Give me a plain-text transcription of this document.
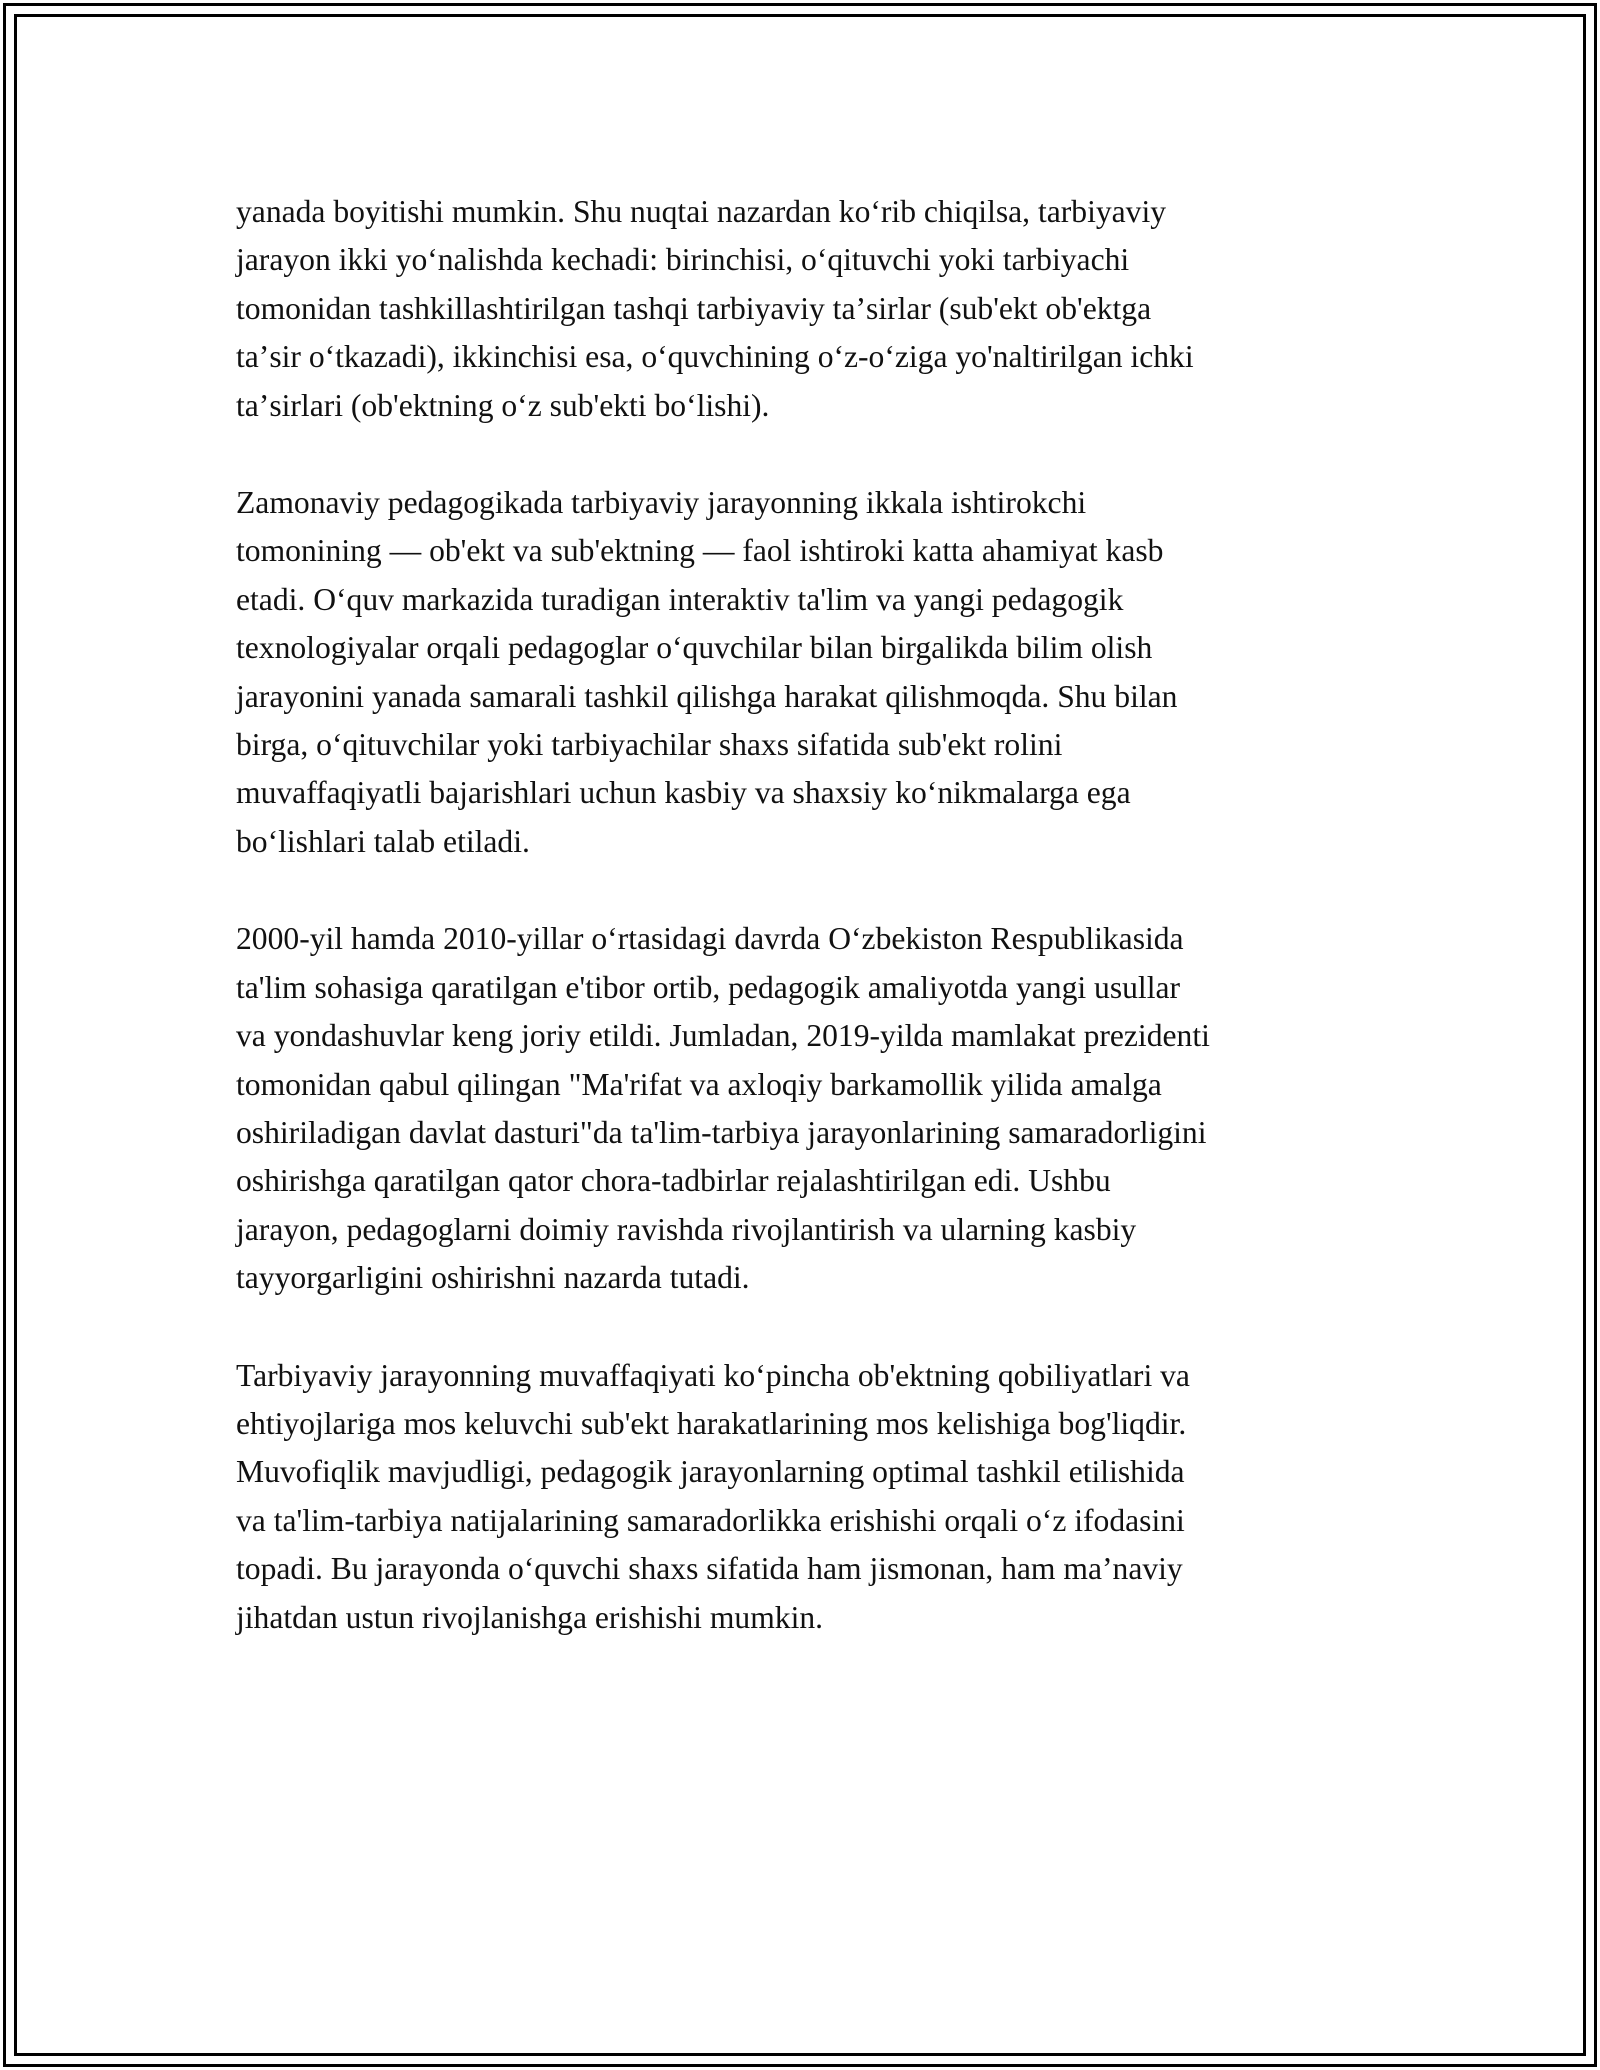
yanada boyitishi mumkin. Shu nuqtai nazardan koʻrib chiqilsa, tarbiyaviy
jarayon ikki yoʻnalishda kechadi: birinchisi, oʻqituvchi yoki tarbiyachi
tomonidan tashkillashtirilgan tashqi tarbiyaviy taʼsirlar (sub'ekt ob'ektga
taʼsir oʻtkazadi), ikkinchisi esa, oʻquvchining oʻz-oʻziga yo'naltirilgan ichki
taʼsirlari (ob'ektning oʻz sub'ekti boʻlishi).

Zamonaviy pedagogikada tarbiyaviy jarayonning ikkala ishtirokchi
tomonining — ob'ekt va sub'ektning — faol ishtiroki katta ahamiyat kasb
etadi. Oʻquv markazida turadigan interaktiv ta'lim va yangi pedagogik
texnologiyalar orqali pedagoglar oʻquvchilar bilan birgalikda bilim olish
jarayonini yanada samarali tashkil qilishga harakat qilishmoqda. Shu bilan
birga, oʻqituvchilar yoki tarbiyachilar shaxs sifatida sub'ekt rolini
muvaffaqiyatli bajarishlari uchun kasbiy va shaxsiy koʻnikmalarga ega
boʻlishlari talab etiladi.

2000-yil hamda 2010-yillar oʻrtasidagi davrda Oʻzbekiston Respublikasida
ta'lim sohasiga qaratilgan e'tibor ortib, pedagogik amaliyotda yangi usullar
va yondashuvlar keng joriy etildi. Jumladan, 2019-yilda mamlakat prezidenti
tomonidan qabul qilingan "Ma'rifat va axloqiy barkamollik yilida amalga
oshiriladigan davlat dasturi"da ta'lim-tarbiya jarayonlarining samaradorligini
oshirishga qaratilgan qator chora-tadbirlar rejalashtirilgan edi. Ushbu
jarayon, pedagoglarni doimiy ravishda rivojlantirish va ularning kasbiy
tayyorgarligini oshirishni nazarda tutadi.

Tarbiyaviy jarayonning muvaffaqiyati koʻpincha ob'ektning qobiliyatlari va
ehtiyojlariga mos keluvchi sub'ekt harakatlarining mos kelishiga bog'liqdir.
Muvofiqlik mavjudligi, pedagogik jarayonlarning optimal tashkil etilishida
va ta'lim-tarbiya natijalarining samaradorlikka erishishi orqali oʻz ifodasini
topadi. Bu jarayonda oʻquvchi shaxs sifatida ham jismonan, ham maʼnaviy
jihatdan ustun rivojlanishga erishishi mumkin.
